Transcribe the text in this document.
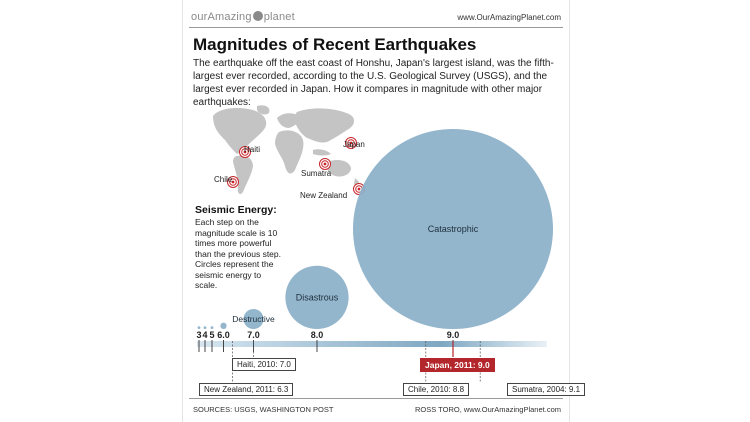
ourAmazing planet	www.OurAmazingPlanet.com
Magnitudes of Recent Earthquakes
The earthquake off the east coast of Honshu, Japan's largest island, was the fifth-largest ever recorded, according to the U.S. Geological Survey (USGS), and the largest ever recorded in Japan. How it compares in magnitude with other major earthquakes:
Haiti
Chile
Sumatra
Japan
New Zealand
Seismic Energy:
Each step on the magnitude scale is 10 times more powerful than the previous step. Circles represent the seismic energy to scale.
Destructive
Disastrous
Catastrophic
3 4 5 6.0 7.0	8.0	9.0
Haiti, 2010: 7.0
New Zealand, 2011: 6.3
Japan, 2011: 9.0
Chile, 2010: 8.8	Sumatra, 2004: 9.1
SOURCES: USGS, WASHINGTON POST	ROSS TORO, www.OurAmazingPlanet.com
